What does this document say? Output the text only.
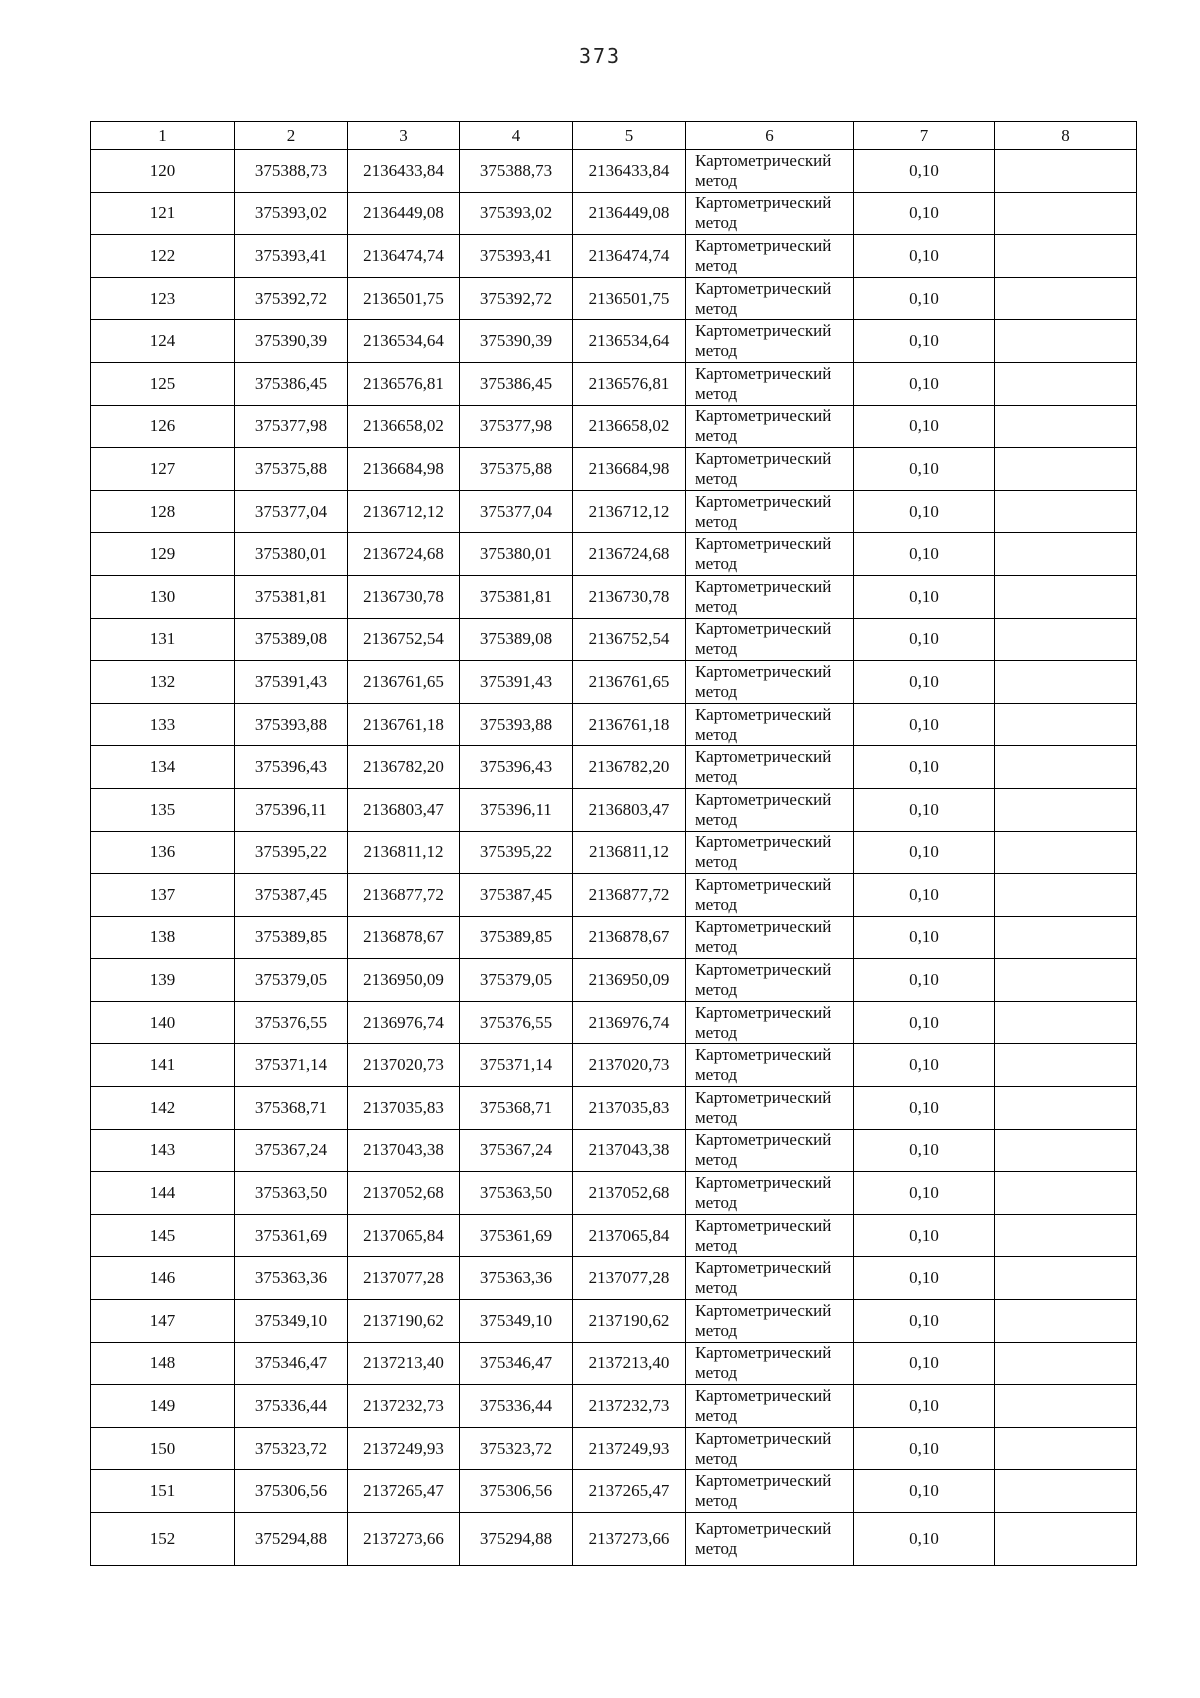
373
1	2	3	4	5	6	7	8
120	375388,73	2136433,84	375388,73	2136433,84	Картометрический метод	0,10	
121	375393,02	2136449,08	375393,02	2136449,08	Картометрический метод	0,10	
122	375393,41	2136474,74	375393,41	2136474,74	Картометрический метод	0,10	
123	375392,72	2136501,75	375392,72	2136501,75	Картометрический метод	0,10	
124	375390,39	2136534,64	375390,39	2136534,64	Картометрический метод	0,10	
125	375386,45	2136576,81	375386,45	2136576,81	Картометрический метод	0,10	
126	375377,98	2136658,02	375377,98	2136658,02	Картометрический метод	0,10	
127	375375,88	2136684,98	375375,88	2136684,98	Картометрический метод	0,10	
128	375377,04	2136712,12	375377,04	2136712,12	Картометрический метод	0,10	
129	375380,01	2136724,68	375380,01	2136724,68	Картометрический метод	0,10	
130	375381,81	2136730,78	375381,81	2136730,78	Картометрический метод	0,10	
131	375389,08	2136752,54	375389,08	2136752,54	Картометрический метод	0,10	
132	375391,43	2136761,65	375391,43	2136761,65	Картометрический метод	0,10	
133	375393,88	2136761,18	375393,88	2136761,18	Картометрический метод	0,10	
134	375396,43	2136782,20	375396,43	2136782,20	Картометрический метод	0,10	
135	375396,11	2136803,47	375396,11	2136803,47	Картометрический метод	0,10	
136	375395,22	2136811,12	375395,22	2136811,12	Картометрический метод	0,10	
137	375387,45	2136877,72	375387,45	2136877,72	Картометрический метод	0,10	
138	375389,85	2136878,67	375389,85	2136878,67	Картометрический метод	0,10	
139	375379,05	2136950,09	375379,05	2136950,09	Картометрический метод	0,10	
140	375376,55	2136976,74	375376,55	2136976,74	Картометрический метод	0,10	
141	375371,14	2137020,73	375371,14	2137020,73	Картометрический метод	0,10	
142	375368,71	2137035,83	375368,71	2137035,83	Картометрический метод	0,10	
143	375367,24	2137043,38	375367,24	2137043,38	Картометрический метод	0,10	
144	375363,50	2137052,68	375363,50	2137052,68	Картометрический метод	0,10	
145	375361,69	2137065,84	375361,69	2137065,84	Картометрический метод	0,10	
146	375363,36	2137077,28	375363,36	2137077,28	Картометрический метод	0,10	
147	375349,10	2137190,62	375349,10	2137190,62	Картометрический метод	0,10	
148	375346,47	2137213,40	375346,47	2137213,40	Картометрический метод	0,10	
149	375336,44	2137232,73	375336,44	2137232,73	Картометрический метод	0,10	
150	375323,72	2137249,93	375323,72	2137249,93	Картометрический метод	0,10	
151	375306,56	2137265,47	375306,56	2137265,47	Картометрический метод	0,10	
152	375294,88	2137273,66	375294,88	2137273,66	Картометрический метод	0,10	
